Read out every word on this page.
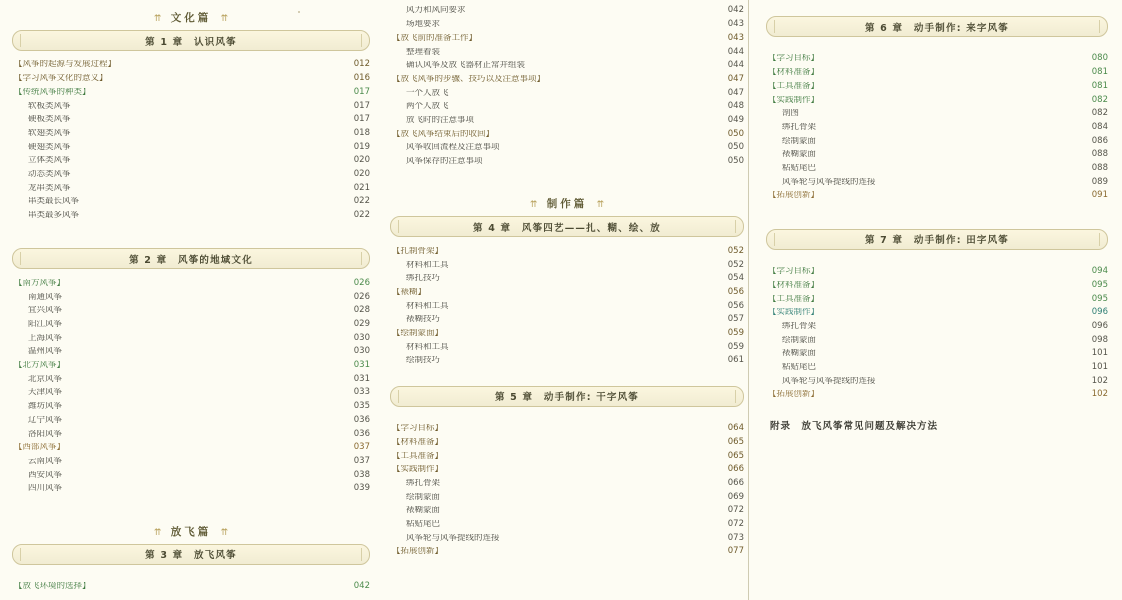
⇈ 文化篇 ⇈
第 1 章　认识风筝
【风筝的起源与发展过程】	012
【学习风筝文化的意义】	016
【传统风筝的种类】	017
软板类风筝	017
硬板类风筝	017
软翅类风筝	018
硬翅类风筝	019
立体类风筝	020
动态类风筝	020
龙串类风筝	021
串类最长风筝	022
串类最多风筝	022
第 2 章　风筝的地域文化
【南方风筝】	026
南通风筝	026
宜兴风筝	028
阳江风筝	029
上海风筝	030
温州风筝	030
【北方风筝】	031
北京风筝	031
天津风筝	033
潍坊风筝	035
辽宁风筝	036
洛阳风筝	036
【西部风筝】	037
云南风筝	037
西安风筝	038
四川风筝	039
⇈ 放飞篇 ⇈
第 3 章　放飞风筝
【放飞环境的选择】	042
风力和风向要求	042
场地要求	043
【放飞前的准备工作】	043
整理着装	044
确认风筝及放飞器材正常并组装	044
【放飞风筝的步骤、技巧以及注意事项】	047
一个人放飞	047
两个人放飞	048
放飞时的注意事项	049
【放飞风筝结束后的收回】	050
风筝收回流程及注意事项	050
风筝保存的注意事项	050
⇈ 制作篇 ⇈
第 4 章　风筝四艺——扎、糊、绘、放
【扎制骨架】	052
材料和工具	052
绑扎技巧	054
【裱糊】	056
材料和工具	056
裱糊技巧	057
【绘制蒙面】	059
材料和工具	059
绘制技巧	061
第 5 章　动手制作: 干字风筝
【学习目标】	064
【材料准备】	065
【工具准备】	065
【实践制作】	066
绑扎骨架	066
绘制蒙面	069
裱糊蒙面	072
粘贴尾巴	072
风筝轮与风筝提线的连接	073
【拓展创新】	077
第 6 章　动手制作: 来字风筝
【学习目标】	080
【材料准备】	081
【工具准备】	081
【实践制作】	082
剖图	082
绑扎骨架	084
绘制蒙面	086
裱糊蒙面	088
粘贴尾巴	088
风筝轮与风筝提线的连接	089
【拓展创新】	091
第 7 章　动手制作: 田字风筝
【学习目标】	094
【材料准备】	095
【工具准备】	095
【实践制作】	096
绑扎骨架	096
绘制蒙面	098
裱糊蒙面	101
粘贴尾巴	101
风筝轮与风筝提线的连接	102
【拓展创新】	102
附录　放飞风筝常见问题及解决方法
